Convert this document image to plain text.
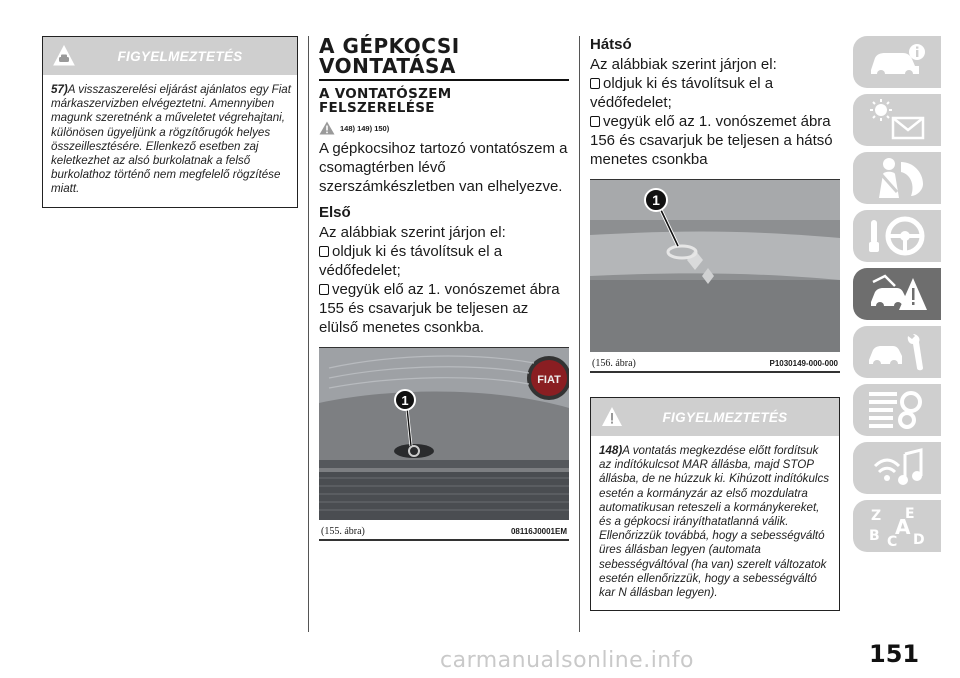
FIGYELMEZTETÉS
57)A visszaszerelési eljárást ajánlatos egy Fiat márkaszervizben elvégeztetni. Amennyiben magunk szeretnénk a műveletet végrehajtani, különösen ügyeljünk a rögzítőrugók helyes összeillesztésére. Ellenkező esetben zaj keletkezhet az alsó burkolatnak a felső burkolathoz történő nem megfelelő rögzítése miatt.
A GÉPKOCSI
VONTATÁSA
A VONTATÓSZEM
FELSZERELÉSE
148) 149) 150)

A gépkocsihoz tartozó vontatószem a csomagtérben lévő szerszámkészletben van elhelyezve.

Első

Az alábbiak szerint járjon el:

oldjuk ki és távolítsuk el a védőfedelet;

vegyük elő az 1. vonószemet ábra 155 és csavarjuk be teljesen az elülső menetes csonkba.

FIAT
1
(155. ábra)	08116J0001EM
Hátsó

Az alábbiak szerint járjon el:

oldjuk ki és távolítsuk el a védőfedelet;

vegyük elő az 1. vonószemet ábra 156 és csavarjuk be teljesen a hátsó menetes csonkba

1
(156. ábra)	P1030149-000-000
FIGYELMEZTETÉS
148)A vontatás megkezdése előtt fordítsuk az indítókulcsot MAR állásba, majd STOP állásba, de ne húzzuk ki. Kihúzott indítókulcs esetén a kormányzár az első mozdulatra automatikusan reteszeli a kormánykereket, és a gépkocsi irányíthatatlanná válik. Ellenőrizzük továbbá, hogy a sebességváltó üres állásban legyen (automata sebességváltóval (ha van) szerelt változatok esetén ellenőrizzük, hogy a sebességváltó kar N állásban legyen).
Z E
B C
A
D
151
carmanualsonline.info
